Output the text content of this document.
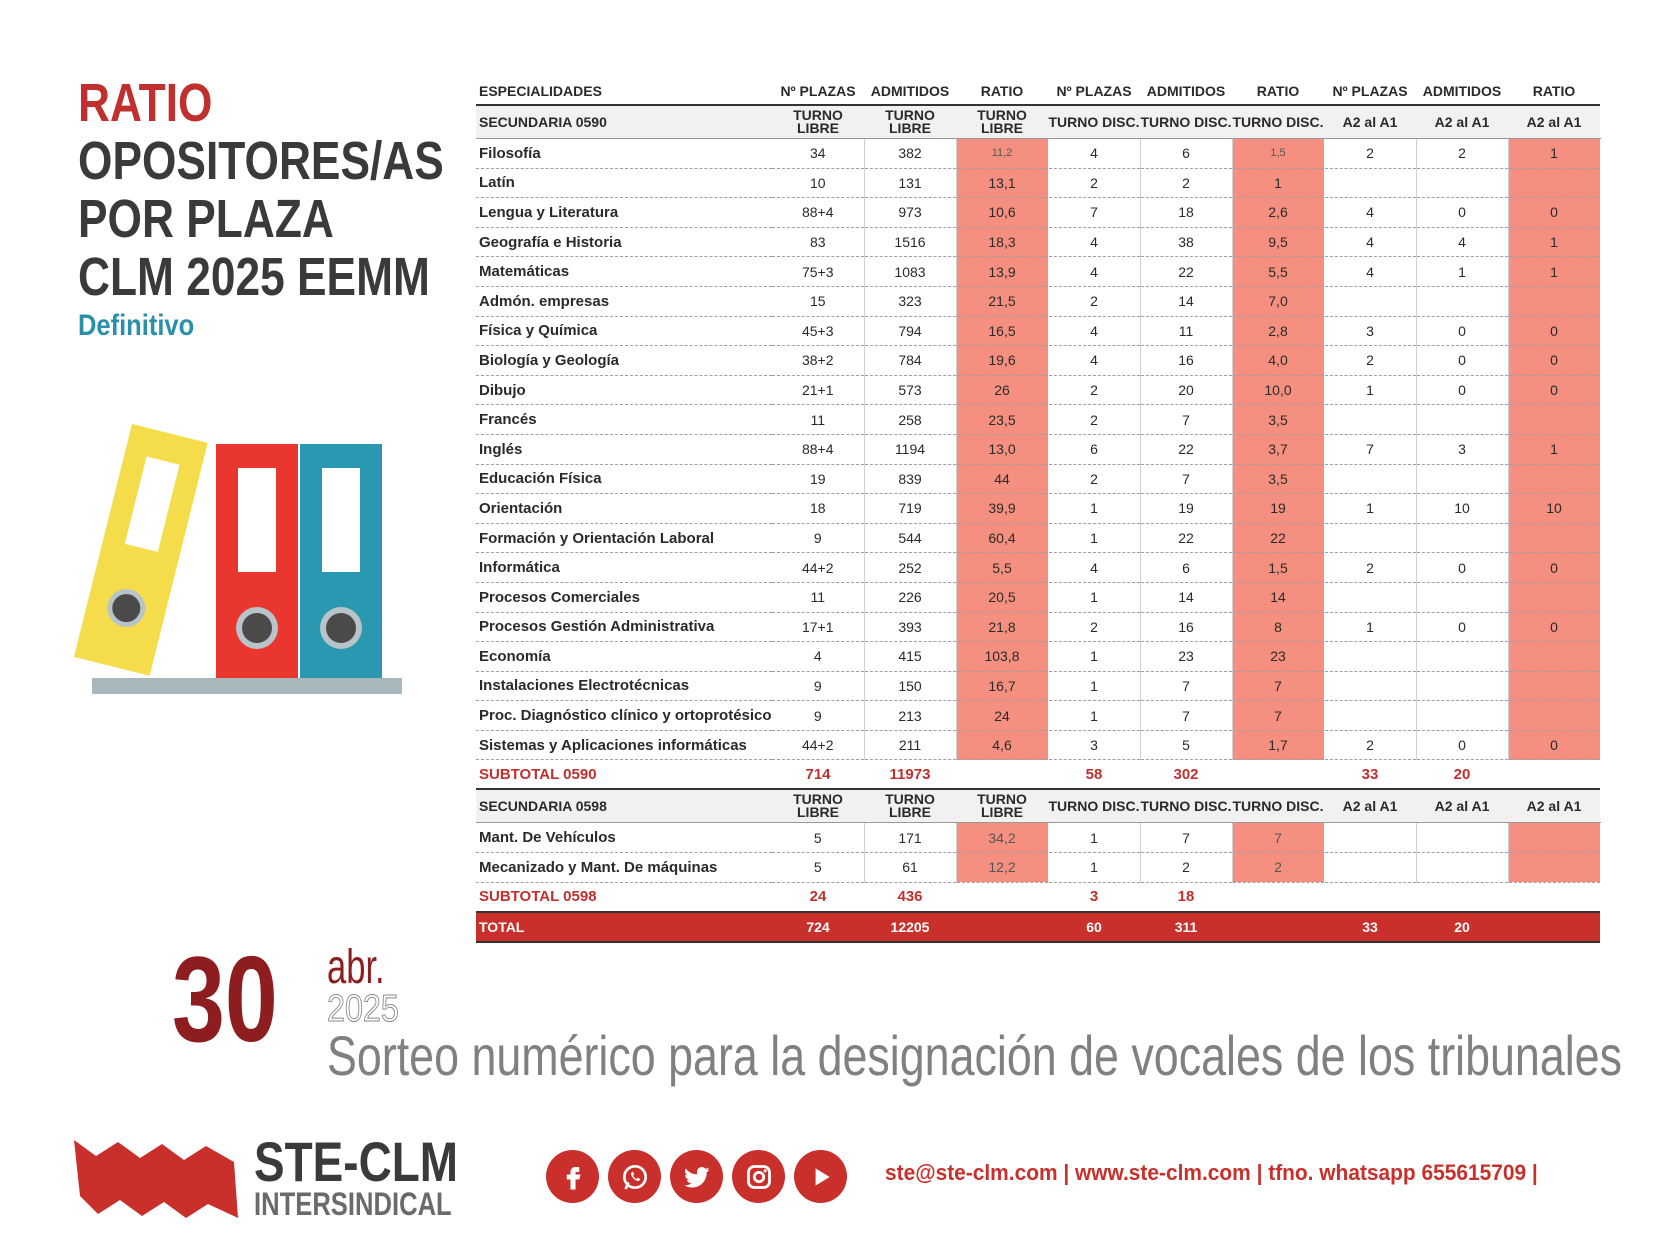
RATIO
OPOSITORES/AS
POR PLAZA
CLM 2025 EEMM
Definitivo
ESPECIALIDADES	Nº PLAZAS	ADMITIDOS	RATIO	Nº PLAZAS	ADMITIDOS	RATIO	Nº PLAZAS	ADMITIDOS	RATIO
SECUNDARIA 0590	TURNO LIBRE	TURNO LIBRE	TURNO LIBRE	TURNO DISC.	TURNO DISC.	TURNO DISC.	A2 al A1	A2 al A1	A2 al A1
Filosofía	34	382	11,2	4	6	1,5	2	2	1
Latín	10	131	13,1	2	2	1			
Lengua y Literatura	88+4	973	10,6	7	18	2,6	4	0	0
Geografía e Historia	83	1516	18,3	4	38	9,5	4	4	1
Matemáticas	75+3	1083	13,9	4	22	5,5	4	1	1
Admón. empresas	15	323	21,5	2	14	7,0			
Física y Química	45+3	794	16,5	4	11	2,8	3	0	0
Biología y Geología	38+2	784	19,6	4	16	4,0	2	0	0
Dibujo	21+1	573	26	2	20	10,0	1	0	0
Francés	11	258	23,5	2	7	3,5			
Inglés	88+4	1194	13,0	6	22	3,7	7	3	1
Educación Física	19	839	44	2	7	3,5			
Orientación	18	719	39,9	1	19	19	1	10	10
Formación y Orientación Laboral	9	544	60,4	1	22	22			
Informática	44+2	252	5,5	4	6	1,5	2	0	0
Procesos Comerciales	11	226	20,5	1	14	14			
Procesos Gestión Administrativa	17+1	393	21,8	2	16	8	1	0	0
Economía	4	415	103,8	1	23	23			
Instalaciones Electrotécnicas	9	150	16,7	1	7	7			
Proc. Diagnóstico clínico y ortoprotésico	9	213	24	1	7	7			
Sistemas y Aplicaciones informáticas	44+2	211	4,6	3	5	1,7	2	0	0
SUBTOTAL 0590	714	11973		58	302		33	20	
SECUNDARIA 0598	TURNO LIBRE	TURNO LIBRE	TURNO LIBRE	TURNO DISC.	TURNO DISC.	TURNO DISC.	A2 al A1	A2 al A1	A2 al A1
Mant. De Vehículos	5	171	34,2	1	7	7			
Mecanizado y Mant. De máquinas	5	61	12,2	1	2	2			
SUBTOTAL 0598	24	436		3	18				
TOTAL	724	12205		60	311		33	20	
30 abr.
2025
Sorteo numérico para la designación de vocales de los tribunales
STE-CLM
INTERSINDICAL
ste@ste-clm.com | www.ste-clm.com | tfno. whatsapp 655615709 |
